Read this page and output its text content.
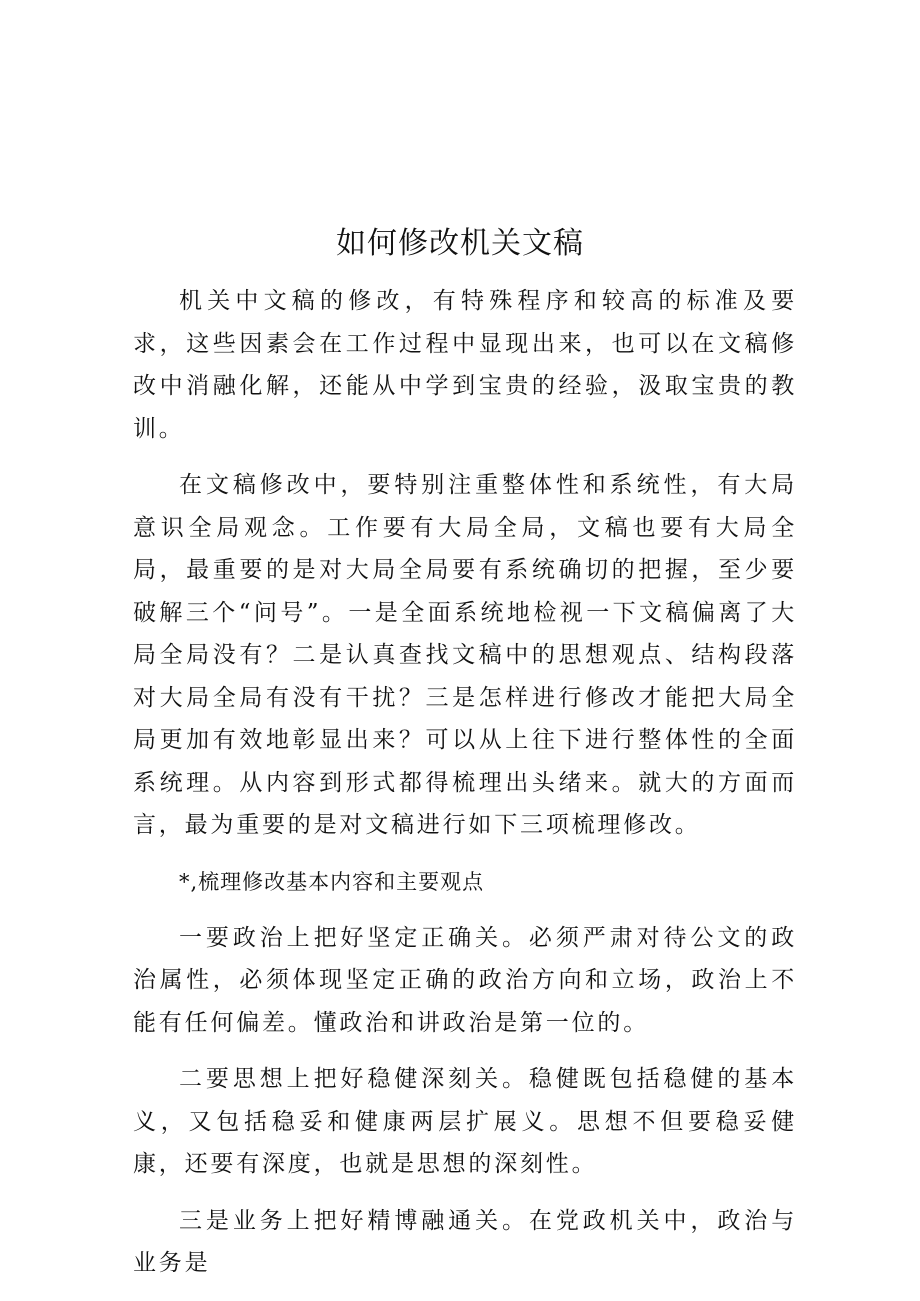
如何修改机关文稿

机关中文稿的修改，有特殊程序和较高的标准及要求，这些因素会在工作过程中显现出来，也可以在文稿修改中消融化解，还能从中学到宝贵的经验，汲取宝贵的教训。

在文稿修改中，要特别注重整体性和系统性，有大局意识全局观念。工作要有大局全局，文稿也要有大局全局，最重要的是对大局全局要有系统确切的把握，至少要破解三个“问号”。一是全面系统地检视一下文稿偏离了大局全局没有？二是认真查找文稿中的思想观点、结构段落对大局全局有没有干扰？三是怎样进行修改才能把大局全局更加有效地彰显出来？可以从上往下进行整体性的全面系统理。从内容到形式都得梳理出头绪来。就大的方面而言，最为重要的是对文稿进行如下三项梳理修改。

*,梳理修改基本内容和主要观点

一要政治上把好坚定正确关。必须严肃对待公文的政治属性，必须体现坚定正确的政治方向和立场，政治上不能有任何偏差。懂政治和讲政治是第一位的。

二要思想上把好稳健深刻关。稳健既包括稳健的基本义，又包括稳妥和健康两层扩展义。思想不但要稳妥健康，还要有深度，也就是思想的深刻性。

三是业务上把好精博融通关。在党政机关中，政治与业务是
